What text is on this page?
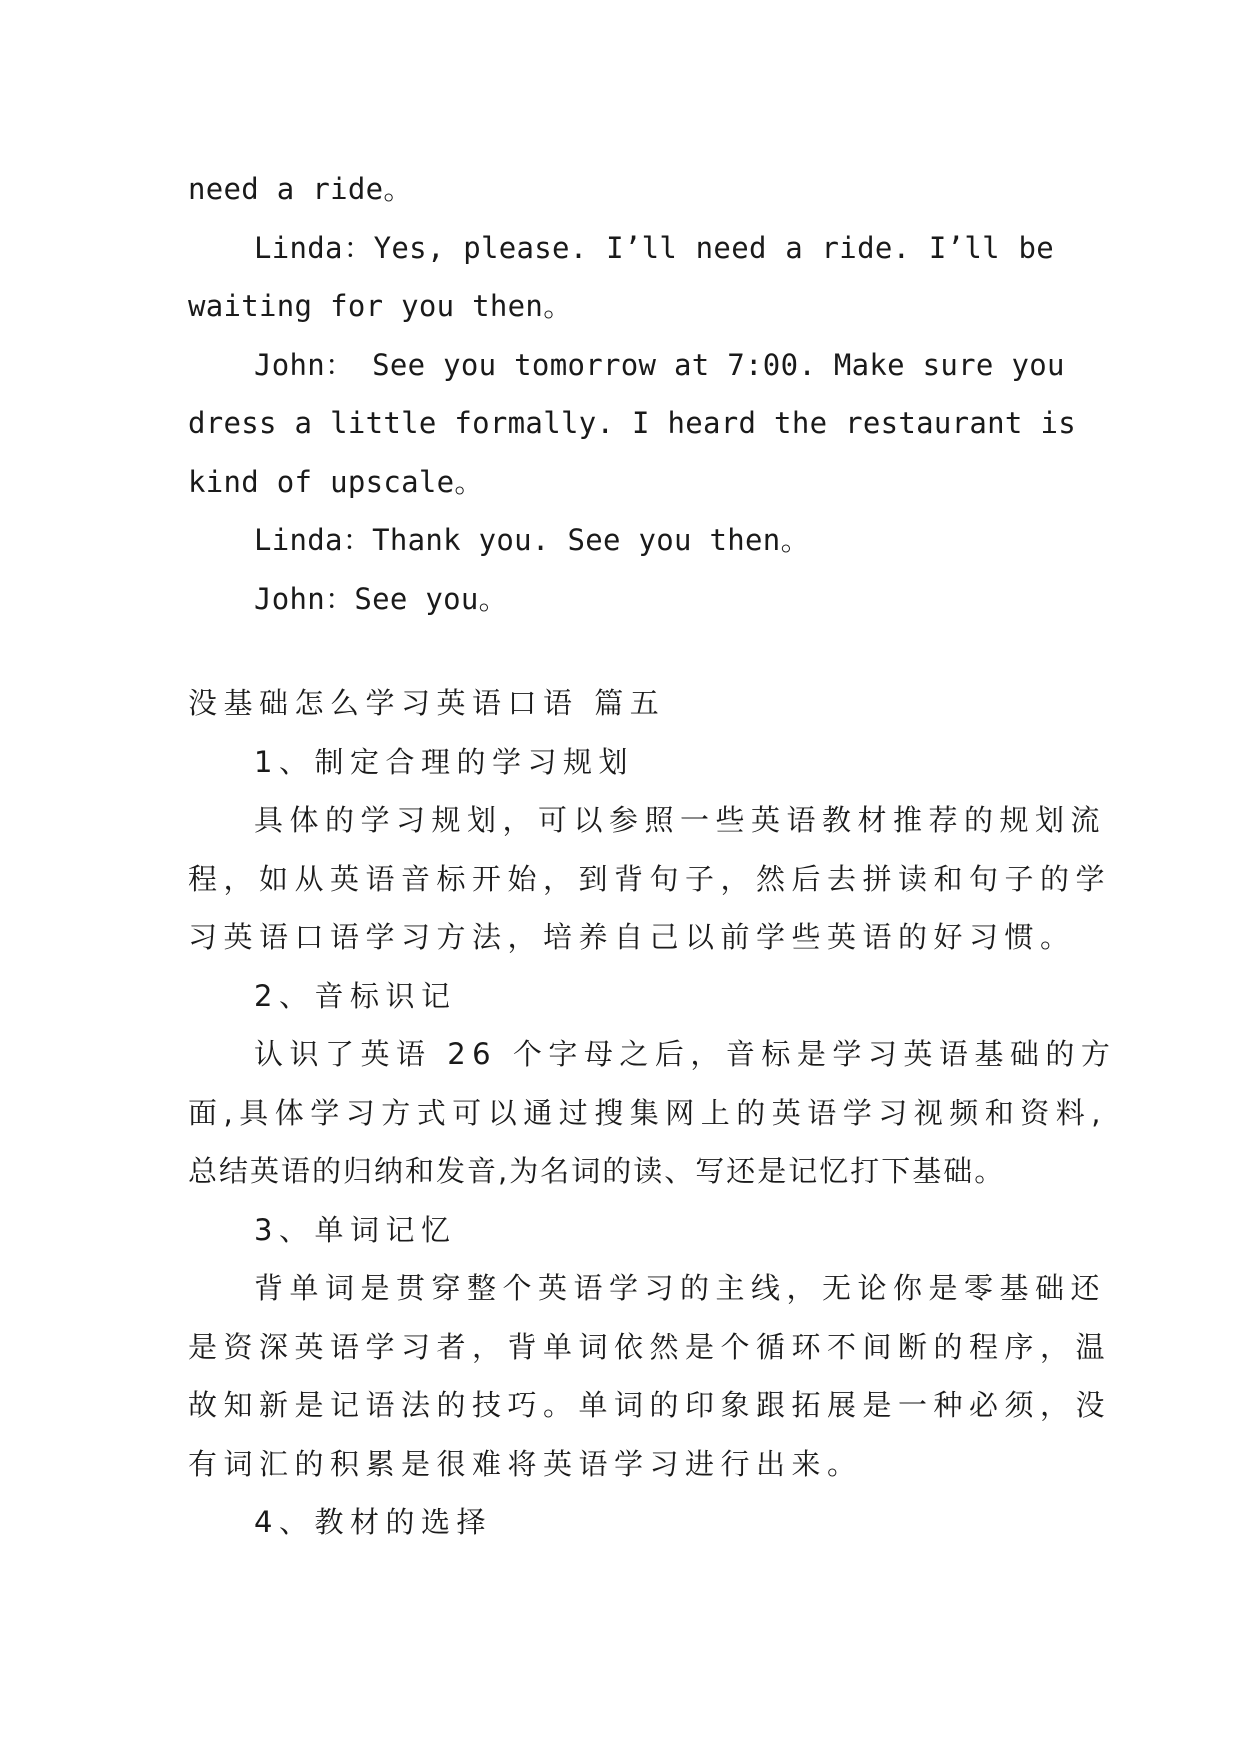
need a ride。

Linda：Yes, please. I’ll need a ride. I’ll be

waiting for you then。

John： See you tomorrow at 7:00. Make sure you

dress a little formally. I heard the restaurant is

kind of upscale。

Linda：Thank you. See you then。

John：See you。

没基础怎么学习英语口语 篇五

1、制定合理的学习规划

具体的学习规划，可以参照一些英语教材推荐的规划流

程，如从英语音标开始，到背句子，然后去拼读和句子的学

习英语口语学习方法，培养自己以前学些英语的好习惯。

2、音标识记

认识了英语 26 个字母之后，音标是学习英语基础的方

面,具体学习方式可以通过搜集网上的英语学习视频和资料,

总结英语的归纳和发音,为名词的读、写还是记忆打下基础。

3、单词记忆

背单词是贯穿整个英语学习的主线，无论你是零基础还

是资深英语学习者，背单词依然是个循环不间断的程序，温

故知新是记语法的技巧。单词的印象跟拓展是一种必须，没

有词汇的积累是很难将英语学习进行出来。

4、教材的选择
